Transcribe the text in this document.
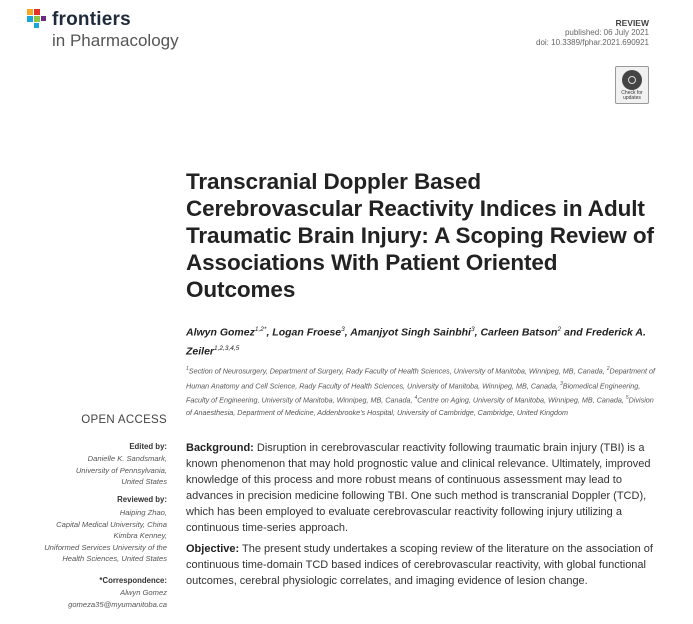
frontiers
in Pharmacology
REVIEW
published: 06 July 2021
doi: 10.3389/fphar.2021.690921
Check for updates
Transcranial Doppler Based Cerebrovascular Reactivity Indices in Adult Traumatic Brain Injury: A Scoping Review of Associations With Patient Oriented Outcomes
Alwyn Gomez$^{1,2*}$, Logan Froese$^3$, Amanjyot Singh Sainbhi$^3$, Carleen Batson$^2$ and Frederick A. Zeiler$^{1,2,3,4,5}$
$^1$Section of Neurosurgery, Department of Surgery, Rady Faculty of Health Sciences, University of Manitoba, Winnipeg, MB, Canada, $^2$Department of Human Anatomy and Cell Science, Rady Faculty of Health Sciences, University of Manitoba, Winnipeg, MB, Canada, $^3$Biomedical Engineering, Faculty of Engineering, University of Manitoba, Winnipeg, MB, Canada, $^4$Centre on Aging, University of Manitoba, Winnipeg, MB, Canada, $^5$Division of Anaesthesia, Department of Medicine, Addenbrooke's Hospital, University of Cambridge, Cambridge, United Kingdom
OPEN ACCESS
Edited by:
Danielle K. Sandsmark,
University of Pennsylvania,
United States
Reviewed by:
Haiping Zhao,
Capital Medical University, China
Kimbra Kenney,
Uniformed Services University of the
Health Sciences, United States
*Correspondence:
Alwyn Gomez
gomeza35@myumanitoba.ca

Background: Disruption in cerebrovascular reactivity following traumatic brain injury (TBI) is a known phenomenon that may hold prognostic value and clinical relevance. Ultimately, improved knowledge of this process and more robust means of continuous assessment may lead to advances in precision medicine following TBI. One such method is transcranial Doppler (TCD), which has been employed to evaluate cerebrovascular reactivity following injury utilizing a continuous time-series approach.

Objective: The present study undertakes a scoping review of the literature on the association of continuous time-domain TCD based indices of cerebrovascular reactivity, with global functional outcomes, cerebral physiologic correlates, and imaging evidence of lesion change.
